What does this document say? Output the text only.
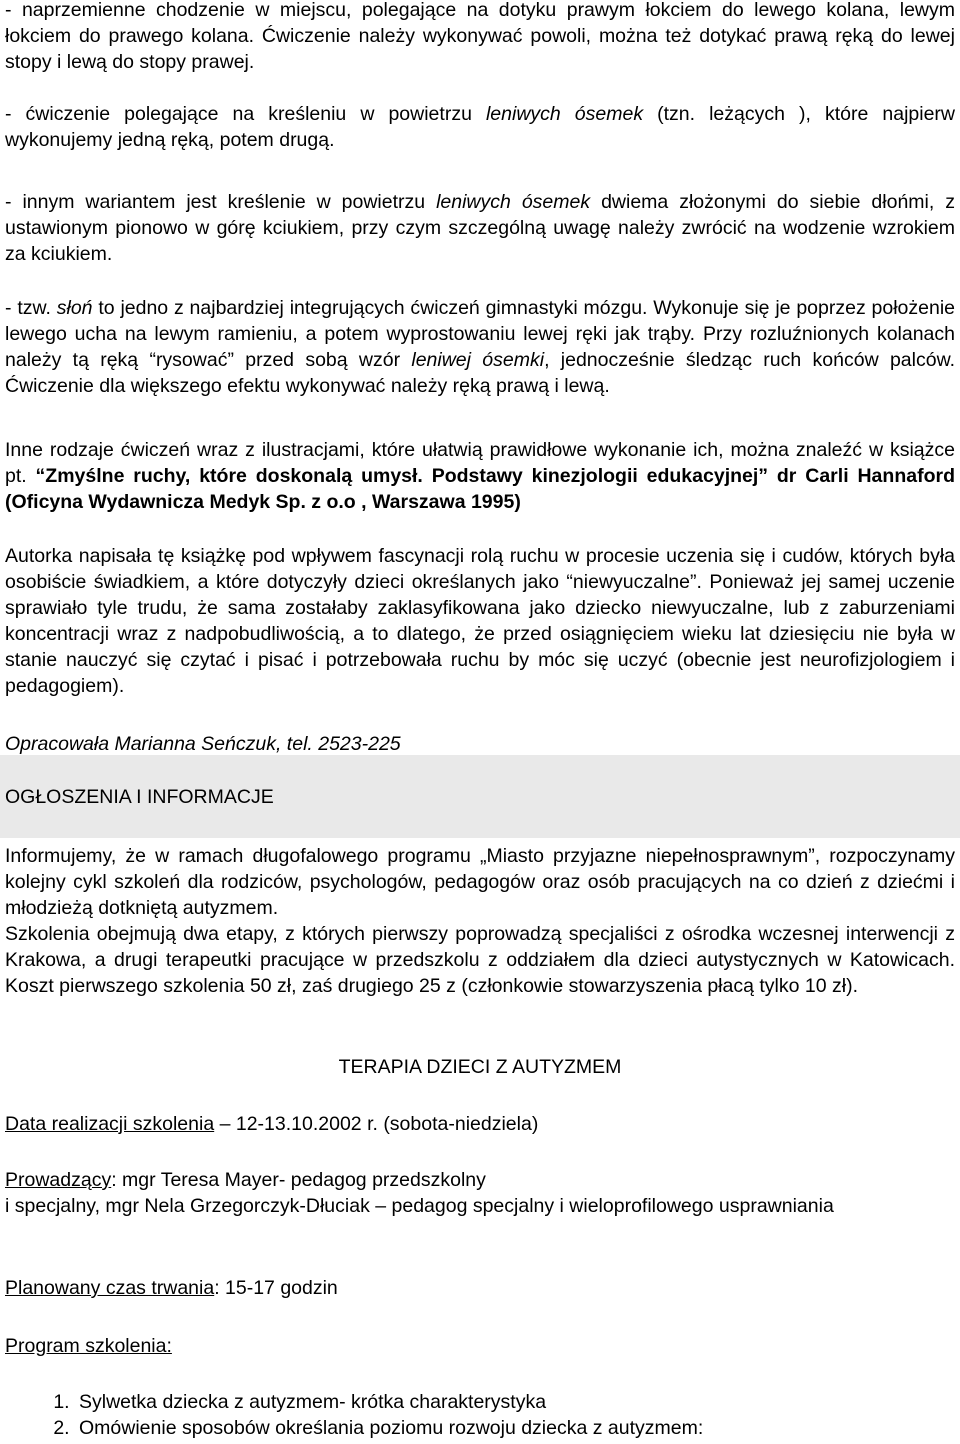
- naprzemienne chodzenie w miejscu, polegające na dotyku prawym łokciem do lewego kolana, lewym łokciem do prawego kolana. Ćwiczenie należy wykonywać powoli, można też dotykać prawą ręką do lewej stopy i lewą do stopy prawej.

- ćwiczenie polegające na kreśleniu w powietrzu leniwych ósemek (tzn. leżących ), które najpierw wykonujemy jedną ręką, potem drugą.

- innym wariantem jest kreślenie w powietrzu leniwych ósemek dwiema złożonymi do siebie dłońmi, z ustawionym pionowo w górę kciukiem, przy czym szczególną uwagę należy zwrócić na wodzenie wzrokiem za kciukiem.

- tzw. słoń to jedno z najbardziej integrujących ćwiczeń gimnastyki mózgu. Wykonuje się je poprzez położenie lewego ucha na lewym ramieniu, a potem wyprostowaniu lewej ręki jak trąby. Przy rozluźnionych kolanach należy tą ręką “rysować” przed sobą wzór leniwej ósemki, jednocześnie śledząc ruch końców palców. Ćwiczenie dla większego efektu wykonywać należy ręką prawą i lewą.

Inne rodzaje ćwiczeń wraz z ilustracjami, które ułatwią prawidłowe wykonanie ich, można znaleźć w książce pt. “Zmyślne ruchy, które doskonalą umysł. Podstawy kinezjologii edukacyjnej” dr Carli Hannaford (Oficyna Wydawnicza Medyk Sp. z o.o , Warszawa 1995)

Autorka napisała tę książkę pod wpływem fascynacji rolą ruchu w procesie uczenia się i cudów, których była osobiście świadkiem, a które dotyczyły dzieci określanych jako “niewyuczalne”. Ponieważ jej samej uczenie sprawiało tyle trudu, że sama zostałaby zaklasyfikowana jako dziecko niewyuczalne, lub z zaburzeniami koncentracji wraz z nadpobudliwością, a to dlatego, że przed osiągnięciem wieku lat dziesięciu nie była w stanie nauczyć się czytać i pisać i potrzebowała ruchu by móc się uczyć (obecnie jest neurofizjologiem i pedagogiem).

Opracowała Marianna Seńczuk, tel. 2523-225

OGŁOSZENIA I INFORMACJE

Informujemy, że w ramach długofalowego programu „Miasto przyjazne niepełnosprawnym”, rozpoczynamy kolejny cykl szkoleń dla rodziców, psychologów, pedagogów oraz osób pracujących na co dzień z dziećmi i młodzieżą dotkniętą autyzmem.

Szkolenia obejmują dwa etapy, z których pierwszy poprowadzą specjaliści z ośrodka wczesnej interwencji z Krakowa, a drugi terapeutki pracujące w przedszkolu z oddziałem dla dzieci autystycznych w Katowicach. Koszt pierwszego szkolenia 50 zł, zaś drugiego 25 z (członkowie stowarzyszenia płacą tylko 10 zł).

TERAPIA DZIECI Z AUTYZMEM

Data realizacji szkolenia – 12-13.10.2002 r. (sobota-niedziela)

Prowadzący: mgr Teresa Mayer- pedagog przedszkolny

i specjalny, mgr Nela Grzegorczyk-Dłuciak – pedagog specjalny i wieloprofilowego usprawniania

Planowany czas trwania: 15-17 godzin

Program szkolenia:

1. Sylwetka dziecka z autyzmem- krótka charakterystyka
2. Omówienie sposobów określania poziomu rozwoju dziecka z autyzmem:
